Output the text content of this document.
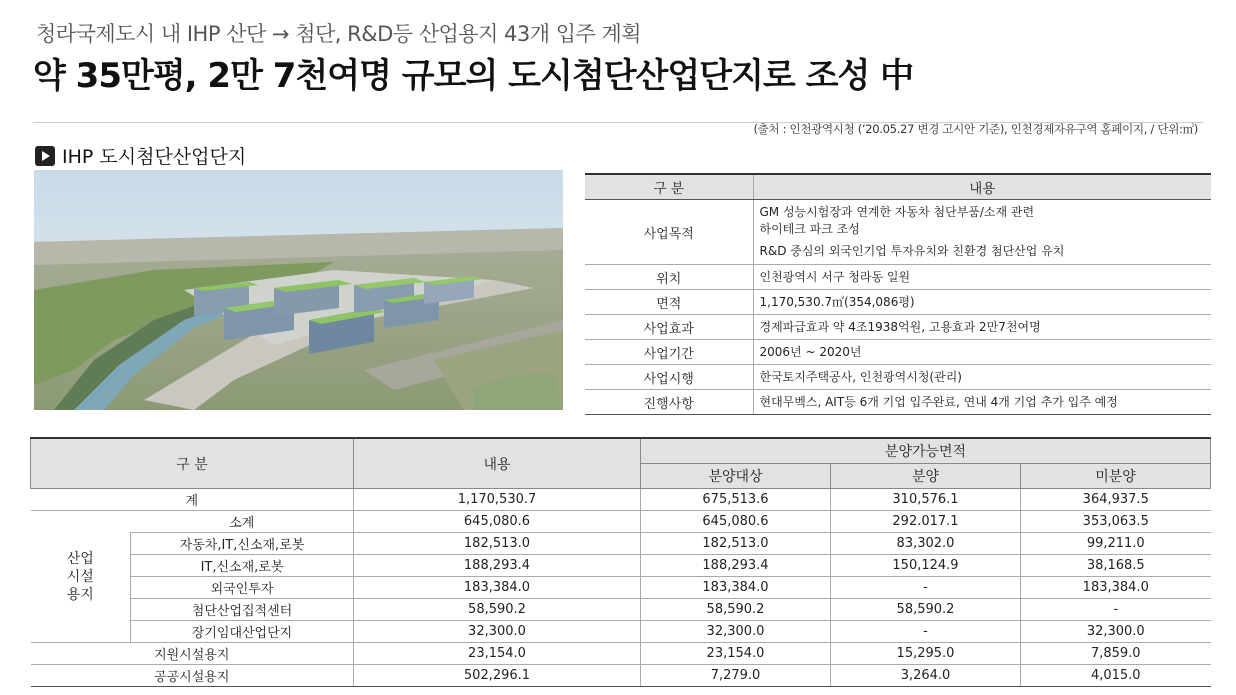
청라국제도시 내 IHP 산단 → 첨단, R&D등 산업용지 43개 입주 계획
약 35만평, 2만 7천여명 규모의 도시첨단산업단지로 조성 中
(출처 : 인천광역시청 (’20.05.27 변경 고시안 기준), 인천경제자유구역 홈페이지, / 단위:㎡)
IHP 도시첨단산업단지
구 분	내용
사업목적	GM 성능시험장과 연계한 자동차 첨단부품/소재 관련
하이테크 파크 조성
R&D 중심의 외국인기업 투자유치와 친환경 첨단산업 유치

위치	인천광역시 서구 청라동 일원
면적	1,170,530.7㎡(354,086평)
사업효과	경제파급효과 약 4조1938억원, 고용효과 2만7천여명
사업기간	2006년 ~ 2020년
사업시행	한국토지주택공사, 인천광역시청(관리)
진행사항	현대무벡스, AIT등 6개 기업 입주완료, 연내 4개 기업 추가 입주 예정
구 분		내용	분양가능면적		
			분양대상	분양	미분양
계		1,170,530.7	675,513.6	310,576.1	364,937.5

산업
시설
용지	소계	645,080.6	645,080.6	292.017.1	353,063.5
	자동차,IT,신소재,로봇	182,513.0	182,513.0	83,302.0	99,211.0
	IT,신소재,로봇	188,293.4	188,293.4	150,124.9	38,168.5
	외국인투자	183,384.0	183,384.0	-	183,384.0
	첨단산업집적센터	58,590.2	58,590.2	58,590.2	-
	장기임대산업단지	32,300.0	32,300.0	-	32,300.0
지원시설용지		23,154.0	23,154.0	15,295.0	7,859.0
공공시설용지		502,296.1	7,279.0	3,264.0	4,015.0
